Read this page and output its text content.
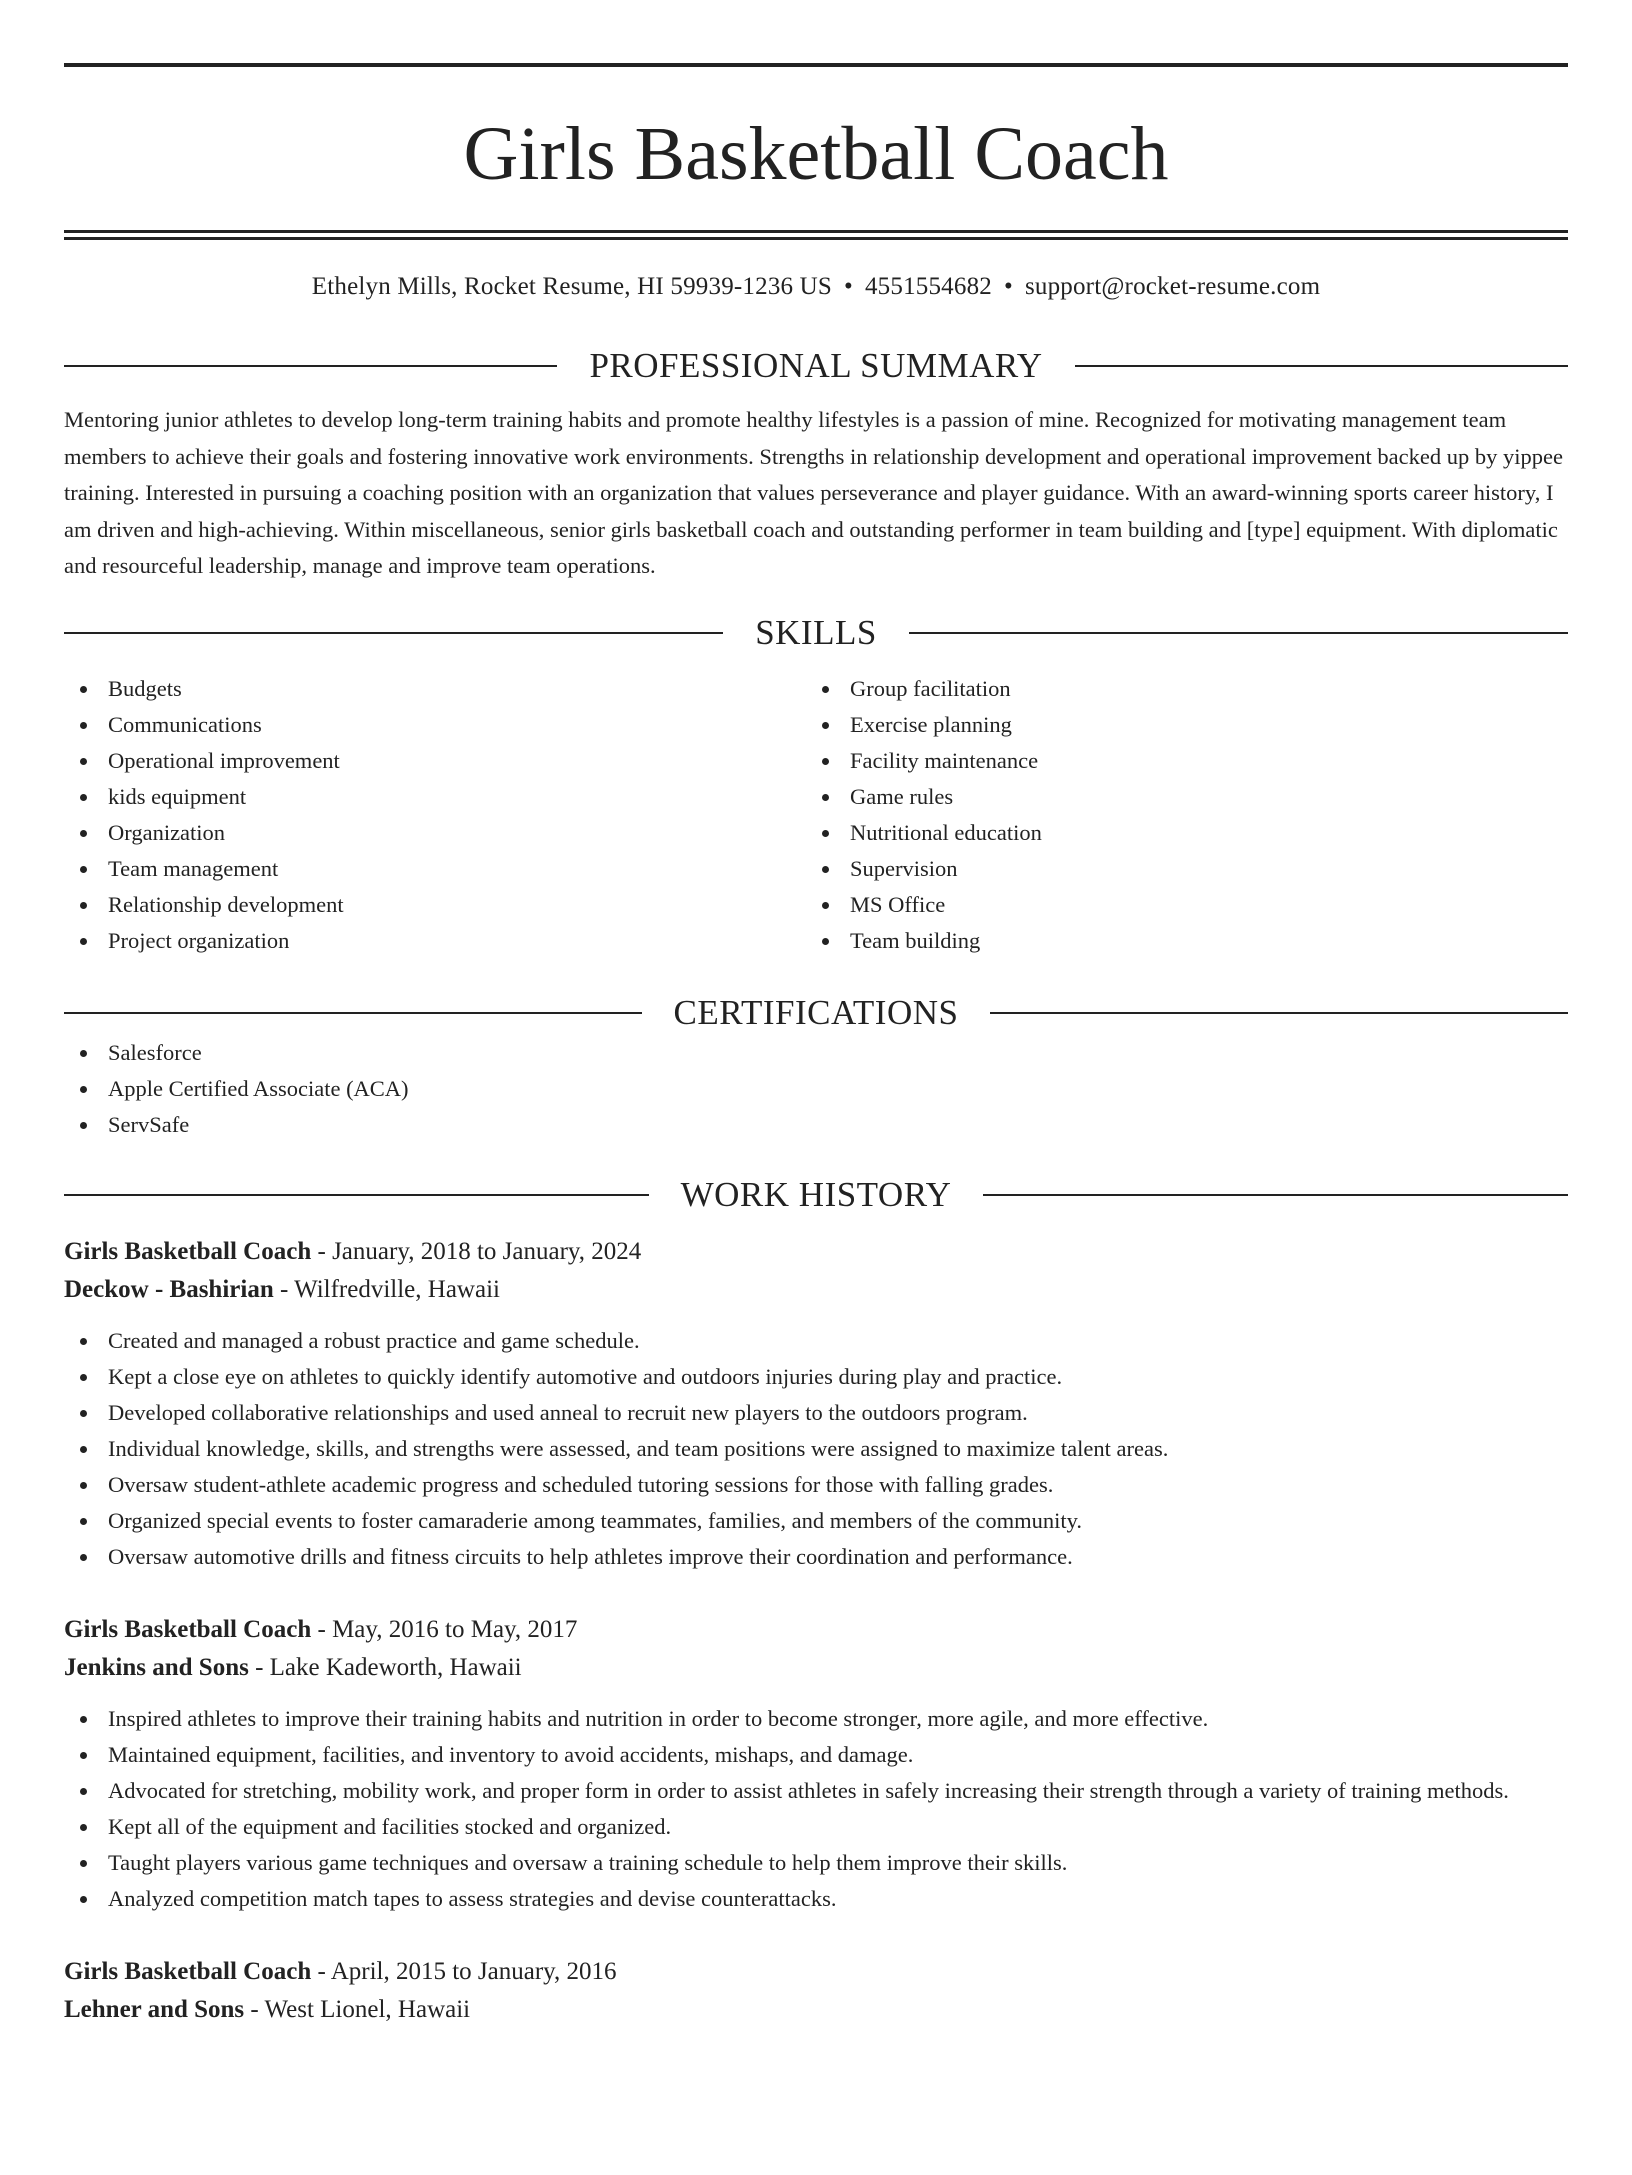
Girls Basketball Coach
Ethelyn Mills, Rocket Resume, HI 59939-1236 US • 4551554682 • support@rocket-resume.com
PROFESSIONAL SUMMARY
Mentoring junior athletes to develop long-term training habits and promote healthy lifestyles is a passion of mine. Recognized for motivating management team members to achieve their goals and fostering innovative work environments. Strengths in relationship development and operational improvement backed up by yippee training. Interested in pursuing a coaching position with an organization that values perseverance and player guidance. With an award-winning sports career history, I am driven and high-achieving. Within miscellaneous, senior girls basketball coach and outstanding performer in team building and [type] equipment. With diplomatic and resourceful leadership, manage and improve team operations.
SKILLS
Budgets
Communications
Operational improvement
kids equipment
Organization
Team management
Relationship development
Project organization
Group facilitation
Exercise planning
Facility maintenance
Game rules
Nutritional education
Supervision
MS Office
Team building
CERTIFICATIONS
Salesforce
Apple Certified Associate (ACA)
ServSafe
WORK HISTORY
Girls Basketball Coach - January, 2018 to January, 2024
Deckow - Bashirian - Wilfredville, Hawaii
Created and managed a robust practice and game schedule.
Kept a close eye on athletes to quickly identify automotive and outdoors injuries during play and practice.
Developed collaborative relationships and used anneal to recruit new players to the outdoors program.
Individual knowledge, skills, and strengths were assessed, and team positions were assigned to maximize talent areas.
Oversaw student-athlete academic progress and scheduled tutoring sessions for those with falling grades.
Organized special events to foster camaraderie among teammates, families, and members of the community.
Oversaw automotive drills and fitness circuits to help athletes improve their coordination and performance.
Girls Basketball Coach - May, 2016 to May, 2017
Jenkins and Sons - Lake Kadeworth, Hawaii
Inspired athletes to improve their training habits and nutrition in order to become stronger, more agile, and more effective.
Maintained equipment, facilities, and inventory to avoid accidents, mishaps, and damage.
Advocated for stretching, mobility work, and proper form in order to assist athletes in safely increasing their strength through a variety of training methods.
Kept all of the equipment and facilities stocked and organized.
Taught players various game techniques and oversaw a training schedule to help them improve their skills.
Analyzed competition match tapes to assess strategies and devise counterattacks.
Girls Basketball Coach - April, 2015 to January, 2016
Lehner and Sons - West Lionel, Hawaii
